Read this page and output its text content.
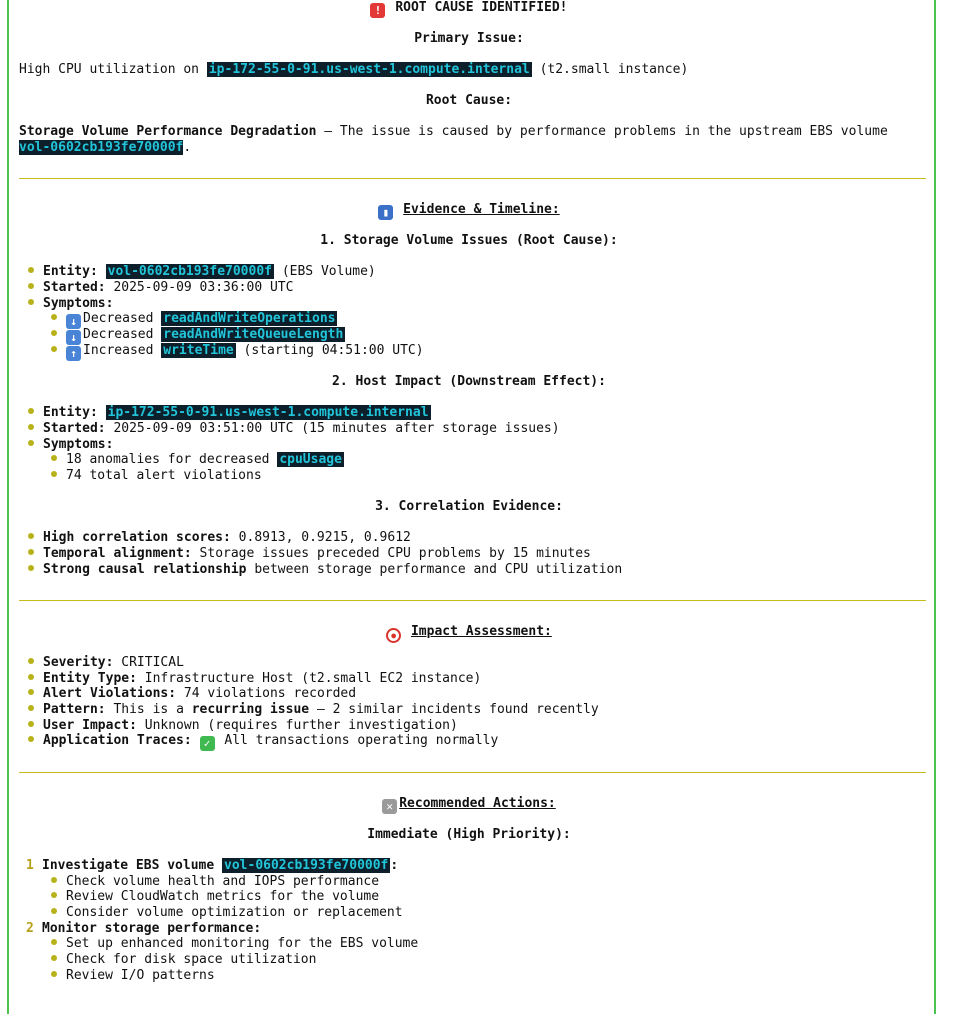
! ROOT CAUSE IDENTIFIED!
Primary Issue:
High CPU utilization on ip-172-55-0-91.us-west-1.compute.internal (t2.small instance)
Root Cause:
Storage Volume Performance Degradation – The issue is caused by performance problems in the upstream EBS volume
vol-0602cb193fe70000f.
▮ Evidence & Timeline:
1. Storage Volume Issues (Root Cause):
Entity: vol-0602cb193fe70000f (EBS Volume)
Started: 2025-09-09 03:36:00 UTC
Symptoms:
↓ Decreased readAndWriteOperations
↓ Decreased readAndWriteQueueLength
↑ Increased writeTime (starting 04:51:00 UTC)
2. Host Impact (Downstream Effect):
Entity: ip-172-55-0-91.us-west-1.compute.internal
Started: 2025-09-09 03:51:00 UTC (15 minutes after storage issues)
Symptoms:
18 anomalies for decreased cpuUsage
74 total alert violations
3. Correlation Evidence:
High correlation scores: 0.8913, 0.9215, 0.9612
Temporal alignment: Storage issues preceded CPU problems by 15 minutes
Strong causal relationship between storage performance and CPU utilization
● Impact Assessment:
Severity: CRITICAL
Entity Type: Infrastructure Host (t2.small EC2 instance)
Alert Violations: 74 violations recorded
Pattern: This is a recurring issue – 2 similar incidents found recently
User Impact: Unknown (requires further investigation)
Application Traces: ✓ All transactions operating normally
✕ Recommended Actions:
Immediate (High Priority):
1 Investigate EBS volume vol-0602cb193fe70000f :
Check volume health and IOPS performance
Review CloudWatch metrics for the volume
Consider volume optimization or replacement
2 Monitor storage performance:
Set up enhanced monitoring for the EBS volume
Check for disk space utilization
Review I/O patterns
